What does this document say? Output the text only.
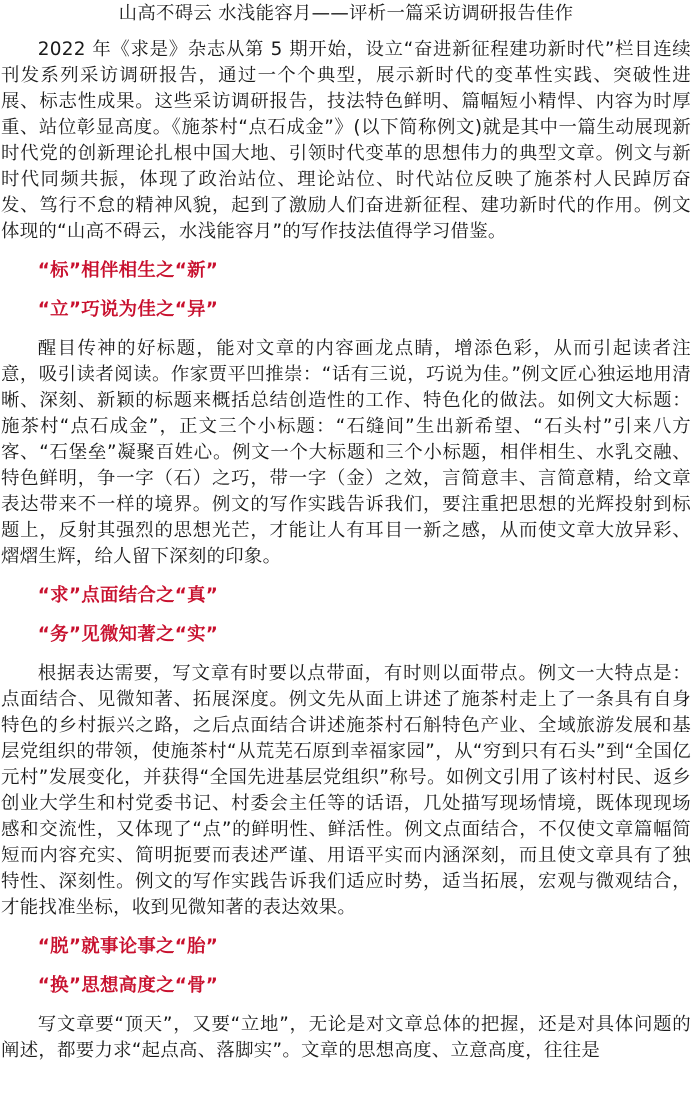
山高不碍云 水浅能容月——评析一篇采访调研报告佳作

2022 年《求是》杂志从第 5 期开始，设立“奋进新征程建功新时代”栏目连续刊发系列采访调研报告，通过一个个典型，展示新时代的变革性实践、突破性进展、标志性成果。这些采访调研报告，技法特色鲜明、篇幅短小精悍、内容为时厚重、站位彰显高度。《施茶村“点石成金”》(以下简称例文)就是其中一篇生动展现新时代党的创新理论扎根中国大地、引领时代变革的思想伟力的典型文章。例文与新时代同频共振，体现了政治站位、理论站位、时代站位反映了施茶村人民踔厉奋发、笃行不怠的精神风貌，起到了激励人们奋进新征程、建功新时代的作用。例文体现的“山高不碍云，水浅能容月”的写作技法值得学习借鉴。

“标”相伴相生之“新”
“立”巧说为佳之“异”

醒目传神的好标题，能对文章的内容画龙点睛，增添色彩，从而引起读者注意，吸引读者阅读。作家贾平凹推崇：“话有三说，巧说为佳。”例文匠心独运地用清晰、深刻、新颖的标题来概括总结创造性的工作、特色化的做法。如例文大标题：施茶村“点石成金”，正文三个小标题：“石缝间”生出新希望、“石头村”引来八方客、“石堡垒”凝聚百姓心。例文一个大标题和三个小标题，相伴相生、水乳交融、特色鲜明，争一字（石）之巧，带一字（金）之效，言简意丰、言简意精，给文章表达带来不一样的境界。例文的写作实践告诉我们，要注重把思想的光辉投射到标题上，反射其强烈的思想光芒，才能让人有耳目一新之感，从而使文章大放异彩、熠熠生辉，给人留下深刻的印象。

“求”点面结合之“真”
“务”见微知著之“实”

根据表达需要，写文章有时要以点带面，有时则以面带点。例文一大特点是：点面结合、见微知著、拓展深度。例文先从面上讲述了施茶村走上了一条具有自身特色的乡村振兴之路，之后点面结合讲述施茶村石斛特色产业、全域旅游发展和基层党组织的带领，使施茶村“从荒芜石原到幸福家园”，从“穷到只有石头”到“全国亿元村”发展变化，并获得“全国先进基层党组织”称号。如例文引用了该村村民、返乡创业大学生和村党委书记、村委会主任等的话语，几处描写现场情境，既体现现场感和交流性，又体现了“点”的鲜明性、鲜活性。例文点面结合，不仅使文章篇幅简短而内容充实、简明扼要而表述严谨、用语平实而内涵深刻，而且使文章具有了独特性、深刻性。例文的写作实践告诉我们适应时势，适当拓展，宏观与微观结合，才能找准坐标，收到见微知著的表达效果。

“脱”就事论事之“胎”
“换”思想高度之“骨”

写文章要“顶天”，又要“立地”，无论是对文章总体的把握，还是对具体问题的阐述，都要力求“起点高、落脚实”。文章的思想高度、立意高度，往往是
